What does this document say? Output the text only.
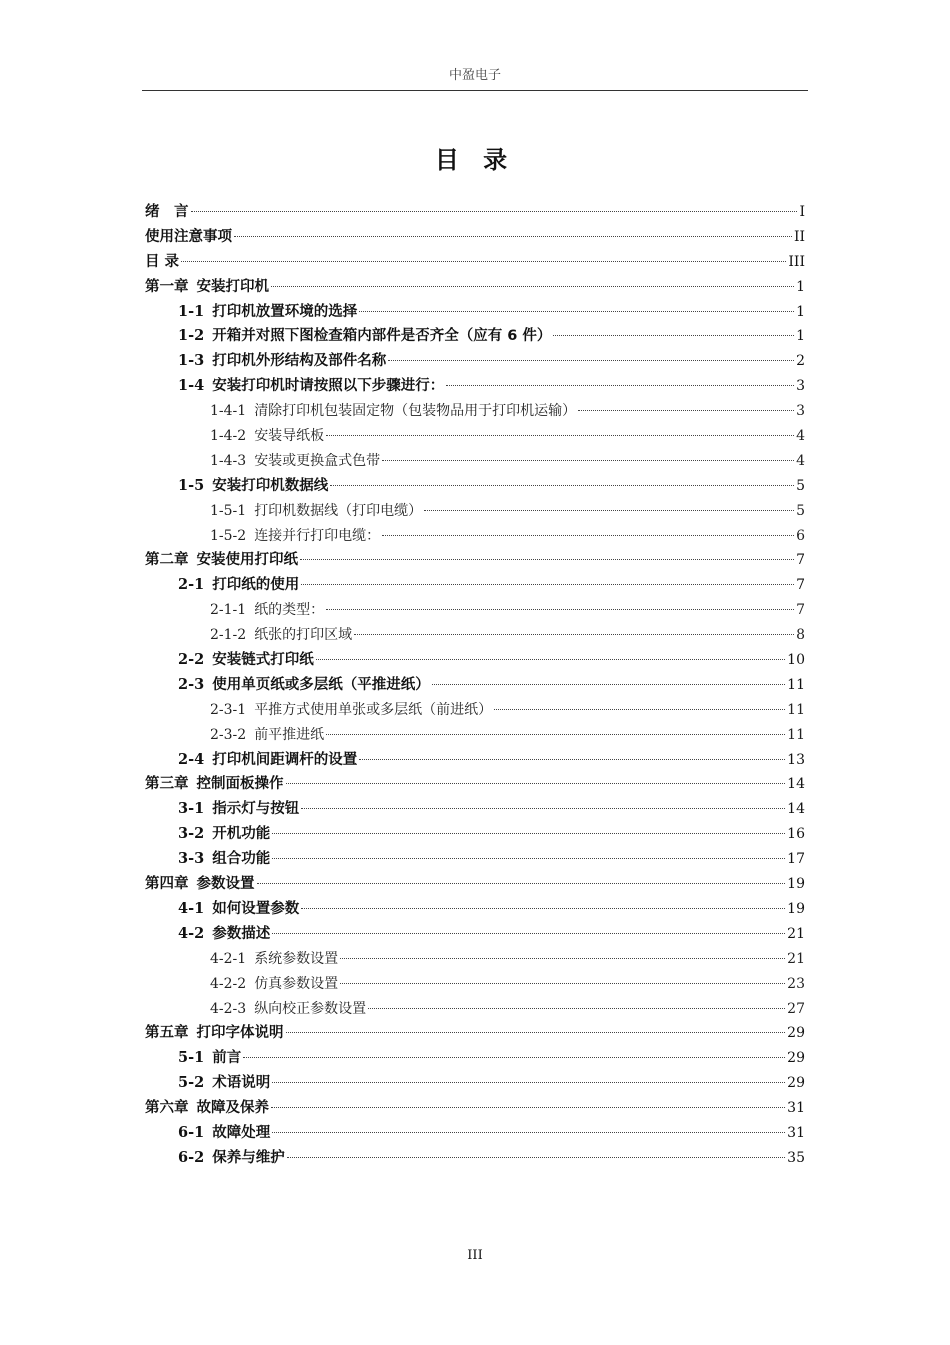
中盈电子
目 录
绪　言	I
使用注意事项	II
目 录	III
第一章 安装打印机	1
1-1 打印机放置环境的选择	1
1-2 开箱并对照下图检查箱内部件是否齐全（应有 6 件）	1
1-3 打印机外形结构及部件名称	2
1-4 安装打印机时请按照以下步骤进行：	3
1-4-1 清除打印机包装固定物（包装物品用于打印机运输）	3
1-4-2 安装导纸板	4
1-4-3 安装或更换盒式色带	4
1-5 安装打印机数据线	5
1-5-1 打印机数据线（打印电缆）	5
1-5-2 连接并行打印电缆：	6
第二章 安装使用打印纸	7
2-1 打印纸的使用	7
2-1-1 纸的类型：	7
2-1-2 纸张的打印区域	8
2-2 安装链式打印纸	10
2-3 使用单页纸或多层纸（平推进纸）	11
2-3-1 平推方式使用单张或多层纸（前进纸）	11
2-3-2 前平推进纸	11
2-4 打印机间距调杆的设置	13
第三章 控制面板操作	14
3-1 指示灯与按钮	14
3-2 开机功能	16
3-3 组合功能	17
第四章 参数设置	19
4-1 如何设置参数	19
4-2 参数描述	21
4-2-1 系统参数设置	21
4-2-2 仿真参数设置	23
4-2-3 纵向校正参数设置	27
第五章 打印字体说明	29
5-1 前言	29
5-2 术语说明	29
第六章 故障及保养	31
6-1 故障处理	31
6-2 保养与维护	35
III
